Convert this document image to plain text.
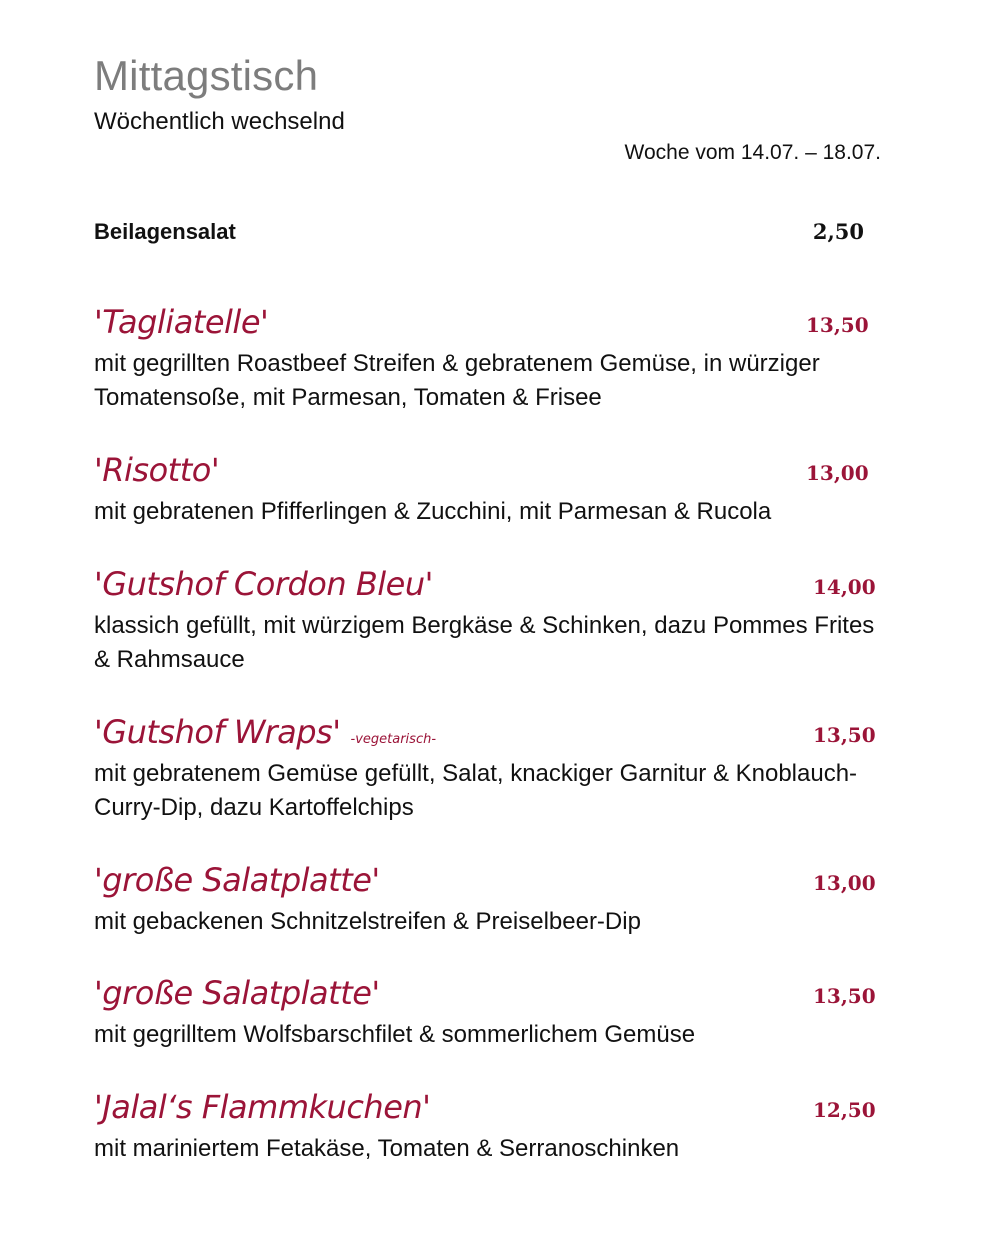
Mittagstisch
Wöchentlich wechselnd
Woche vom 14.07. – 18.07.
Beilagensalat	2,50
'Tagliatelle'	13,50
mit gegrillten Roastbeef Streifen & gebratenem Gemüse, in würziger Tomatensoße, mit Parmesan, Tomaten & Frisee
'Risotto'	13,00
mit gebratenen Pfifferlingen & Zucchini, mit Parmesan & Rucola
'Gutshof Cordon Bleu'	14,00
klassich gefüllt, mit würzigem Bergkäse & Schinken, dazu Pommes Frites & Rahmsauce
'Gutshof Wraps' -vegetarisch-	13,50
mit gebratenem Gemüse gefüllt, Salat, knackiger Garnitur & Knoblauch-Curry-Dip, dazu Kartoffelchips
'große Salatplatte'	13,00
mit gebackenen Schnitzelstreifen & Preiselbeer-Dip
'große Salatplatte'	13,50
mit gegrilltem Wolfsbarschfilet & sommerlichem Gemüse
'Jalal‘s Flammkuchen'	12,50
mit mariniertem Fetakäse, Tomaten & Serranoschinken
